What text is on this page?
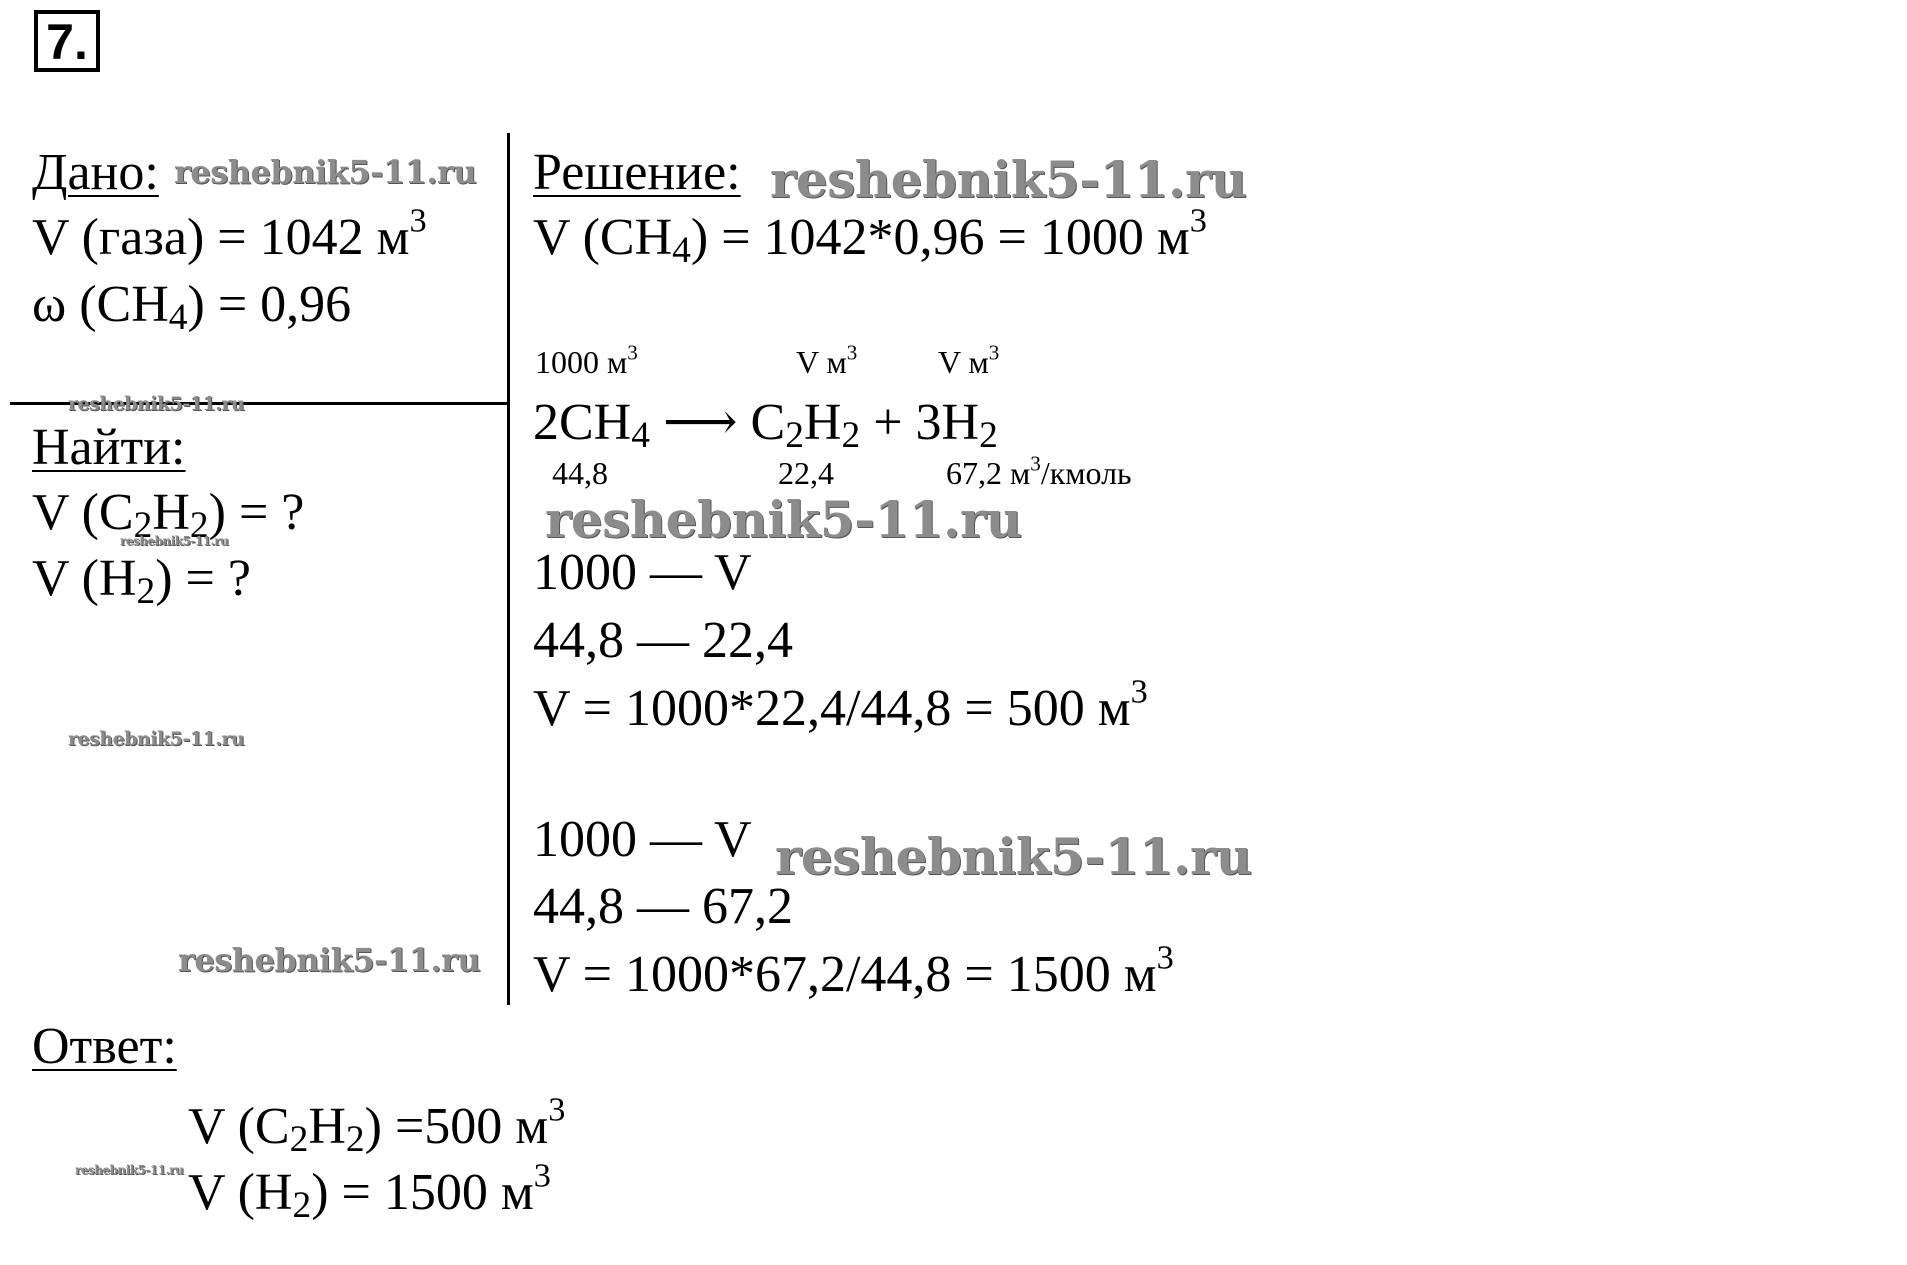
7.
Дано:
V (газа) = 1042 $м^3$
ω $(CH_4) = 0,96$
Найти:
V $(C_2H_2)$ = ?
V $(H_2)$ = ?
Решение:
V $(CH_4) = 1042*0,96 = 1000$ $м^3$
1000 $м^3$	V $м^3$	V $м^3$
$2CH_4$ ⟶ $C_2H_2 + 3H_2$
44,8	22,4	67,2 $м^3$/кмоль
1000 — V
44,8 — 22,4
V = 1000*22,4/44,8 = 500 $м^3$
1000 — V
44,8 — 67,2
V = 1000*67,2/44,8 = 1500 $м^3$
Ответ:
V $(C_2H_2) =500$ $м^3$
V $(H_2) = 1500$ $м^3$
reshebnik5-11.ru	reshebnik5-11.ru
reshebnik5-11.ru
reshebnik5-11.ru
reshebnik5-11.ru
reshebnik5-11.ru
reshebnik5-11.ru
reshebnik5-11.ru
reshebnik5-11.ru
